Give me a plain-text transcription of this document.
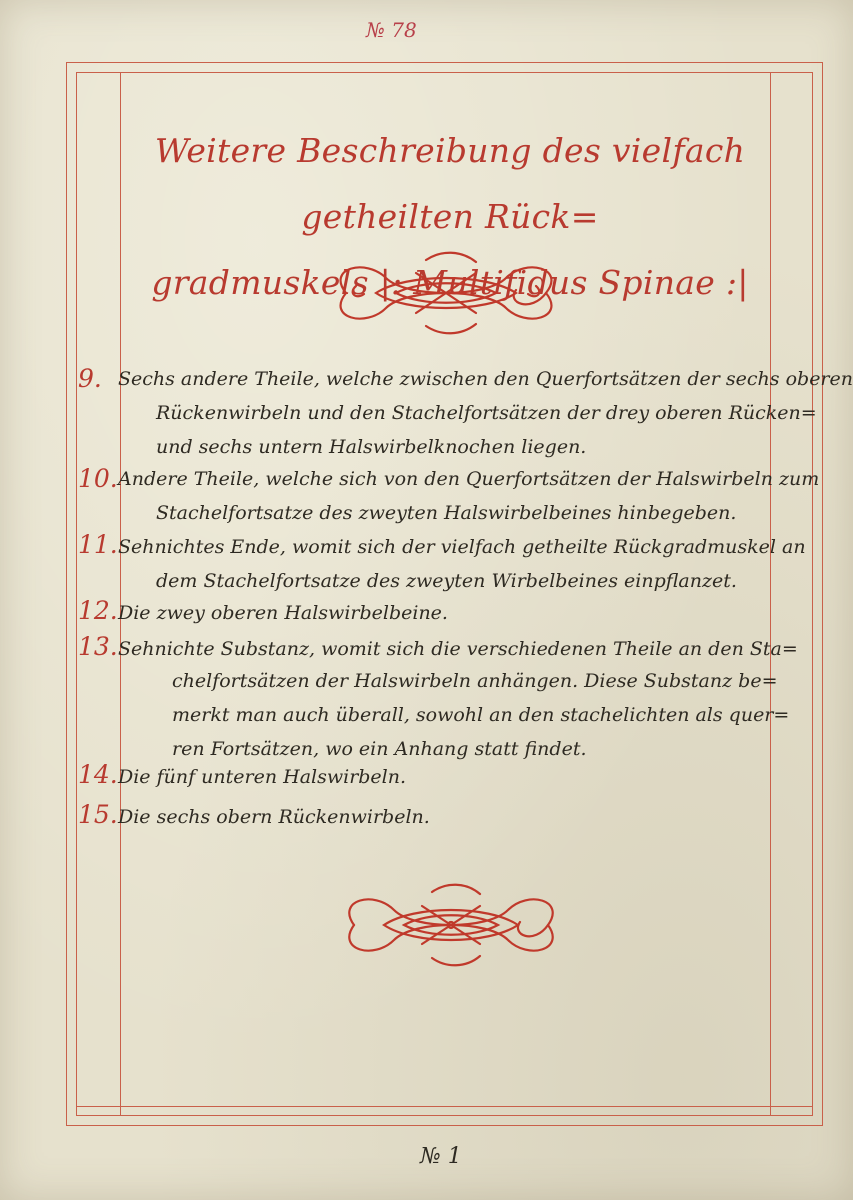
№ 78
Weitere Beschreibung des vielfach getheilten Rück=
gradmuskels |: Multifidus Spinae :|
9. Sechs andere Theile, welche zwischen den Querfortsätzen der sechs oberen
Rückenwirbeln und den Stachelfortsätzen der drey oberen Rücken=
und sechs untern Halswirbelknochen liegen.
10. Andere Theile, welche sich von den Querfortsätzen der Halswirbeln zum
Stachelfortsatze des zweyten Halswirbelbeines hinbegeben.
11. Sehnichtes Ende, womit sich der vielfach getheilte Rückgradmuskel an
dem Stachelfortsatze des zweyten Wirbelbeines einpflanzet.
12. Die zwey oberen Halswirbelbeine.
13. Sehnichte Substanz, womit sich die verschiedenen Theile an den Sta=
chelfortsätzen der Halswirbeln anhängen. Diese Substanz be=
merkt man auch überall, sowohl an den stachelichten als quer=
ren Fortsätzen, wo ein Anhang statt findet.
14. Die fünf unteren Halswirbeln.
15. Die sechs obern Rückenwirbeln.
№ 1
